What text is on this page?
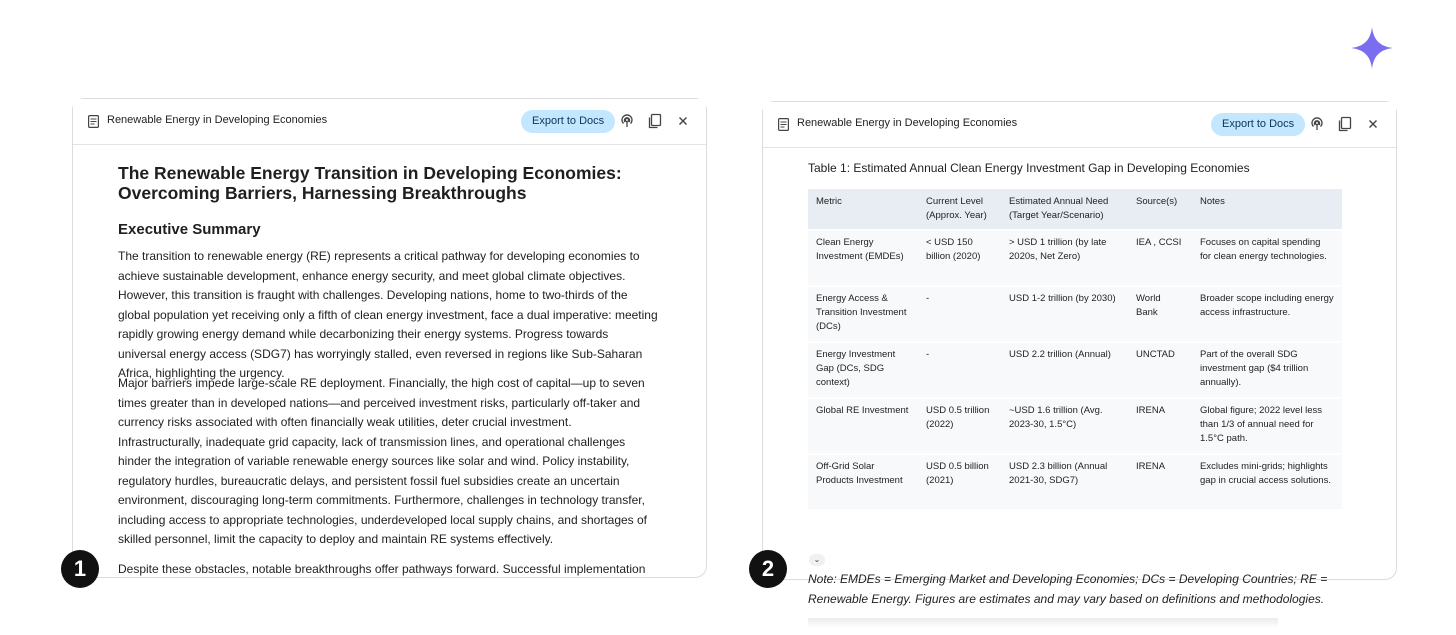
Renewable Energy in Developing Economies	Export to Docs
The Renewable Energy Transition in Developing Economies: Overcoming Barriers, Harnessing Breakthroughs
Executive Summary

The transition to renewable energy (RE) represents a critical pathway for developing economies to achieve sustainable development, enhance energy security, and meet global climate objectives. However, this transition is fraught with challenges. Developing nations, home to two-thirds of the global population yet receiving only a fifth of clean energy investment, face a dual imperative: meeting rapidly growing energy demand while decarbonizing their energy systems. Progress towards universal energy access (SDG7) has worryingly stalled, even reversed in regions like Sub-Saharan Africa, highlighting the urgency.

Major barriers impede large-scale RE deployment. Financially, the high cost of capital—up to seven times greater than in developed nations—and perceived investment risks, particularly off-taker and currency risks associated with often financially weak utilities, deter crucial investment. Infrastructurally, inadequate grid capacity, lack of transmission lines, and operational challenges hinder the integration of variable renewable energy sources like solar and wind. Policy instability, regulatory hurdles, bureaucratic delays, and persistent fossil fuel subsidies create an uncertain environment, discouraging long-term commitments. Furthermore, challenges in technology transfer, including access to appropriate technologies, underdeveloped local supply chains, and shortages of skilled personnel, limit the capacity to deploy and maintain RE systems effectively.

Despite these obstacles, notable breakthroughs offer pathways forward. Successful implementation

Renewable Energy in Developing Economies	Export to Docs
Table 1: Estimated Annual Clean Energy Investment Gap in Developing Economies
Metric	Current Level (Approx. Year)	Estimated Annual Need (Target Year/Scenario)	Source(s)	Notes
Clean Energy Investment (EMDEs)	< USD 150 billion (2020)	> USD 1 trillion (by late 2020s, Net Zero)	IEA , CCSI	Focuses on capital spending for clean energy technologies.
Energy Access & Transition Investment (DCs)	-	USD 1-2 trillion (by 2030)	World Bank	Broader scope including energy access infrastructure.
Energy Investment Gap (DCs, SDG context)	-	USD 2.2 trillion (Annual)	UNCTAD	Part of the overall SDG investment gap ($4 trillion annually).
Global RE Investment	USD 0.5 trillion (2022)	~USD 1.6 trillion (Avg. 2023-30, 1.5°C)	IRENA	Global figure; 2022 level less than 1/3 of annual need for 1.5°C path.
Off-Grid Solar Products Investment	USD 0.5 billion (2021)	USD 2.3 billion (Annual 2021-30, SDG7)	IRENA	Excludes mini-grids; highlights gap in crucial access solutions.
⌄

Note: EMDEs = Emerging Market and Developing Economies; DCs = Developing Countries; RE = Renewable Energy. Figures are estimates and may vary based on definitions and methodologies.

1	2
